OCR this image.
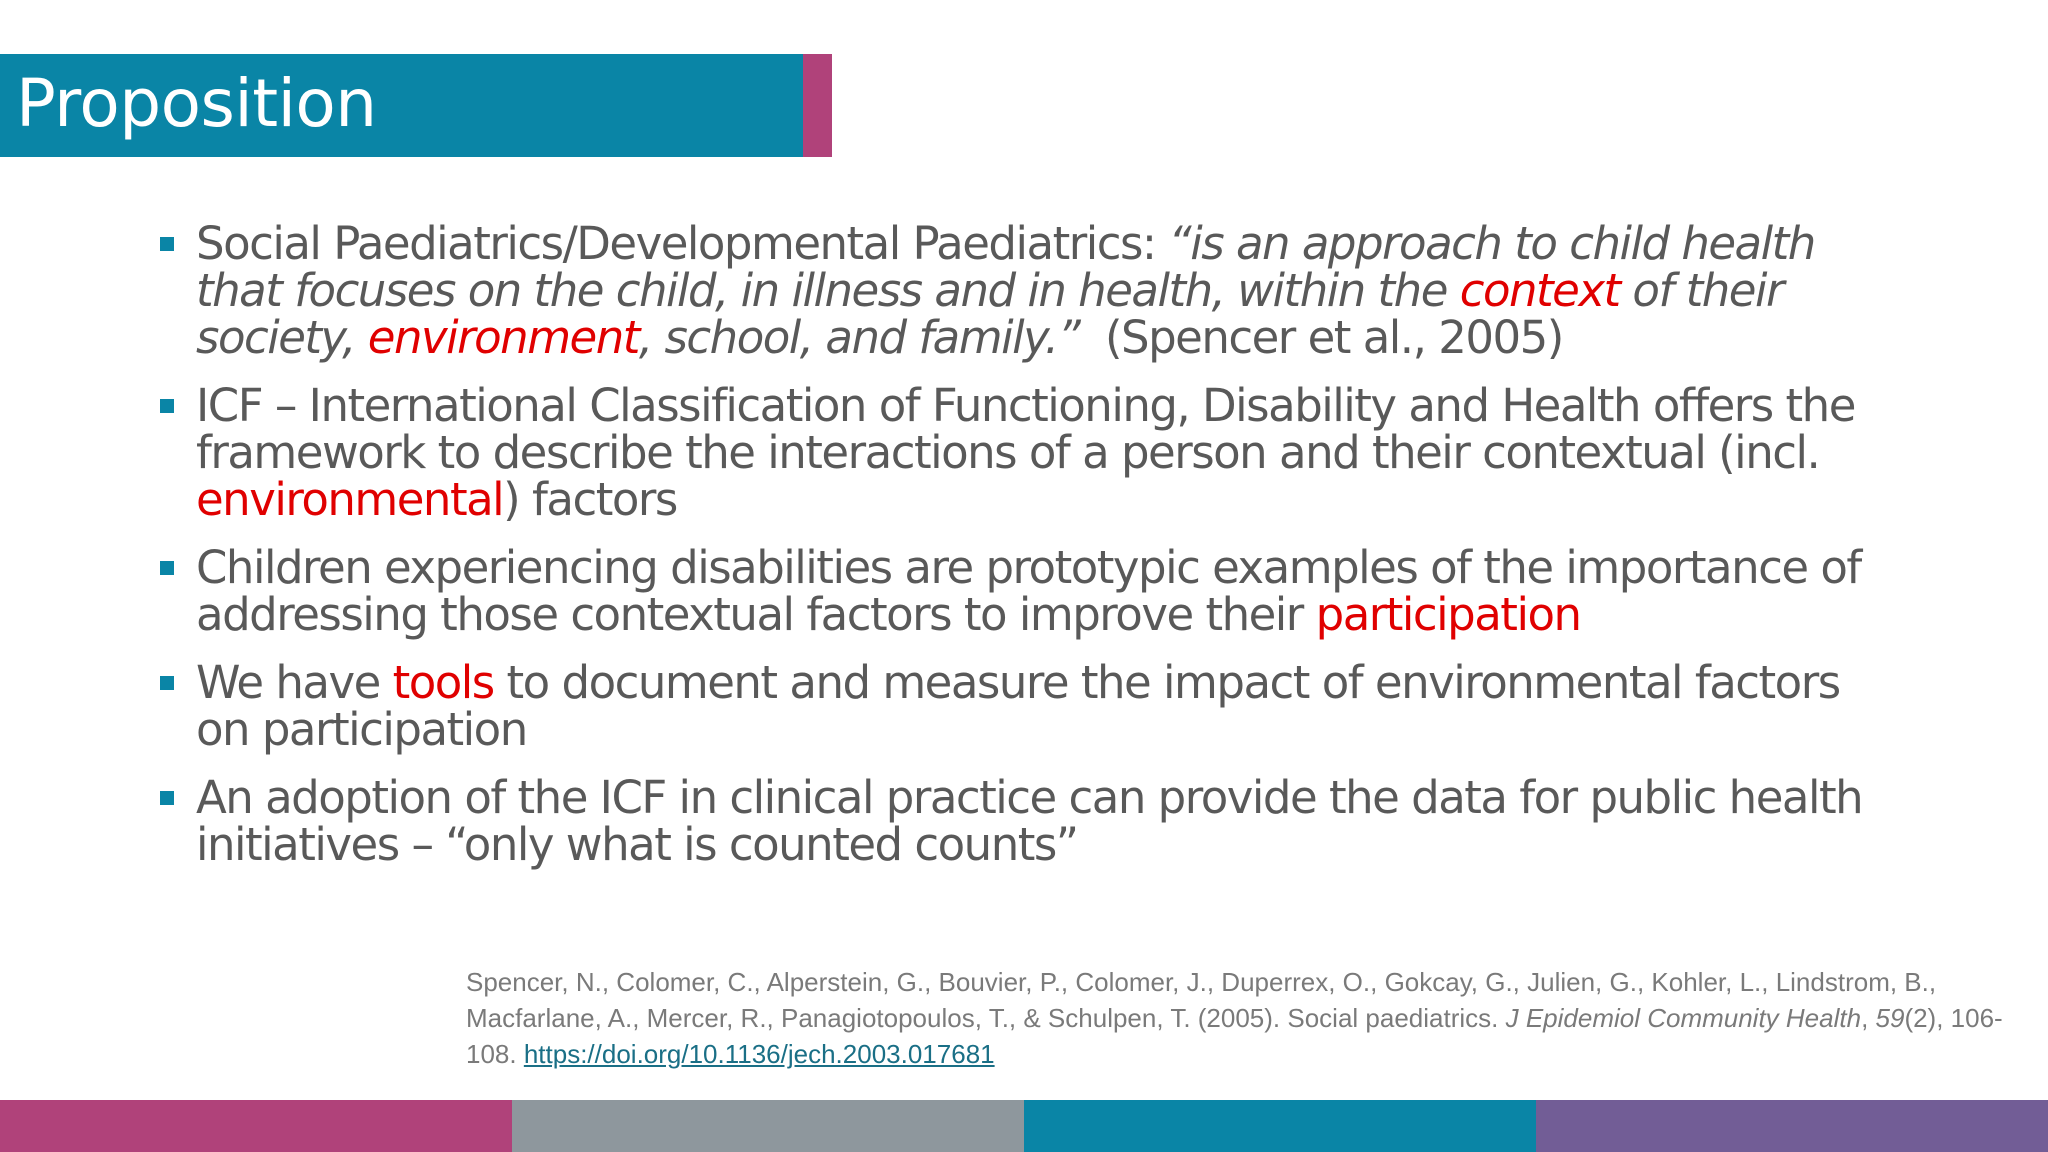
Proposition
Social Paediatrics/Developmental Paediatrics: “is an approach to child health that focuses on the child, in illness and in health, within the context of their society, environment, school, and family.”  (Spencer et al., 2005)
ICF – International Classification of Functioning, Disability and Health offers the framework to describe the interactions of a person and their contextual (incl. environmental) factors
Children experiencing disabilities are prototypic examples of the importance of addressing those contextual factors to improve their participation
We have tools to document and measure the impact of environmental factors on participation
An adoption of the ICF in clinical practice can provide the data for public health initiatives – “only what is counted counts”

Spencer, N., Colomer, C., Alperstein, G., Bouvier, P., Colomer, J., Duperrex, O., Gokcay, G., Julien, G., Kohler, L., Lindstrom, B., Macfarlane, A., Mercer, R., Panagiotopoulos, T., & Schulpen, T. (2005). Social paediatrics. J Epidemiol Community Health, 59(2), 106-108. https://doi.org/10.1136/jech.2003.017681
